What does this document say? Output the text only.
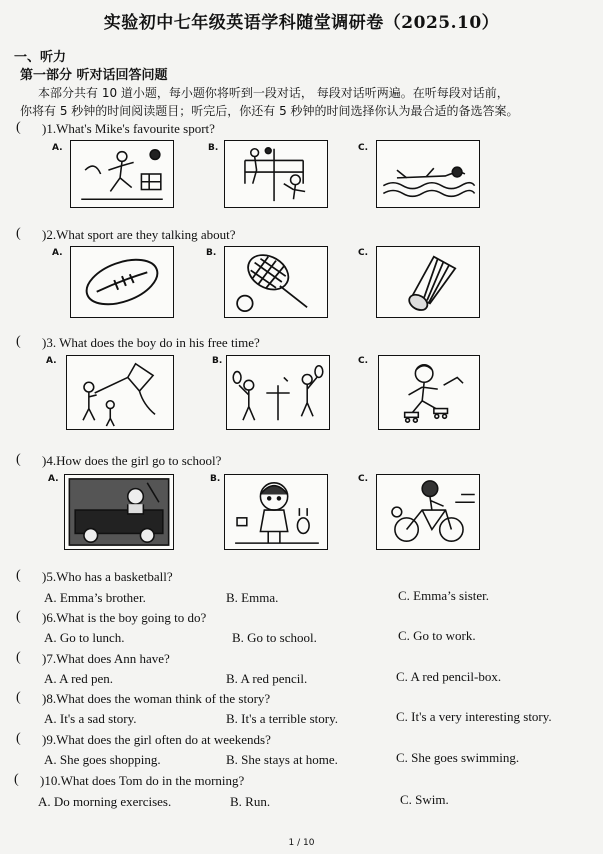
实验初中七年级英语学科随堂调研卷（2025.10）
一、听力
第一部分 听对话回答问题
本部分共有 10 道小题，每小题你将听到一段对话， 每段对话听两遍。在听每段对话前，
你将有 5 秒钟的时间阅读题目；听完后，你还有 5 秒钟的时间选择你认为最合适的备选答案。
( )1.What's Mike's favourite sport?
A.	B.	C.
( )2.What sport are they talking about?
A.	B.	C.
( )3. What does the boy do in his free time?
A.	B.	C.
( )4.How does the girl go to school?
A.	B.	C.
( )5.Who has a basketball?
A. Emma’s brother.	B. Emma.	C. Emma’s sister.
( )6.What is the boy going to do?
A. Go to lunch.	B. Go to school.	C. Go to work.
( )7.What does Ann have?
A. A red pen.	B. A red pencil.	C. A red pencil-box.
( )8.What does the woman think of the story?
A. It's a sad story.	B. It's a terrible story.	C. It's a very interesting story.
( )9.What does the girl often do at weekends?
A. She goes shopping.	B. She stays at home.	C. She goes swimming.
( )10.What does Tom do in the morning?
A. Do morning exercises.	B. Run.	C. Swim.
1 / 10
